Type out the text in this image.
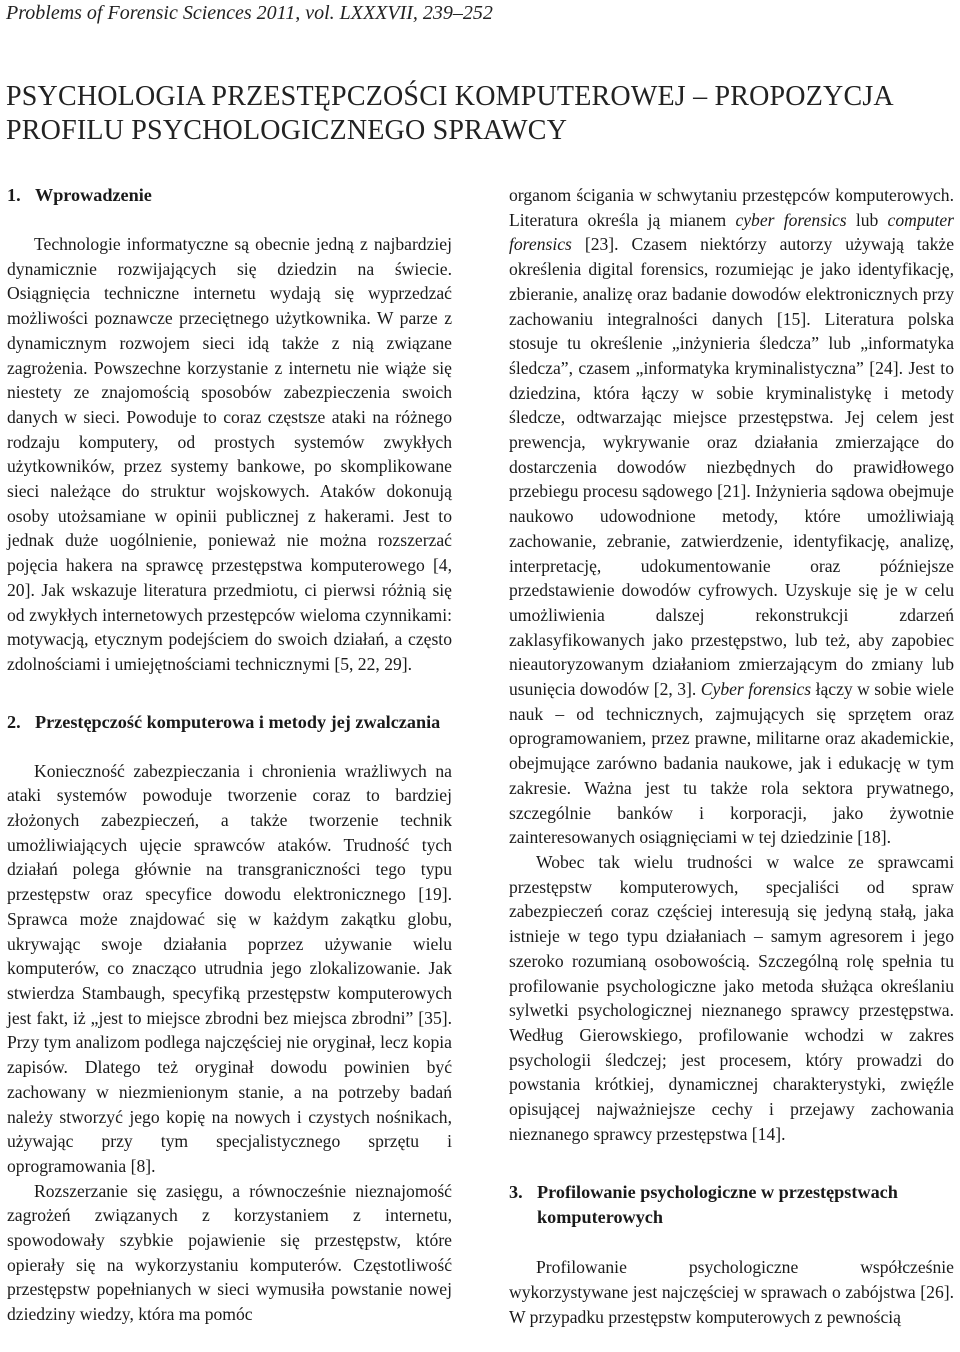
Problems of Forensic Sciences 2011, vol. LXXXVII, 239–252
PSYCHOLOGIA PRZESTĘPCZOŚCI KOMPUTEROWEJ – PROPOZYCJA
PROFILU PSYCHOLOGICZNEGO SPRAWCY
1. Wprowadzenie

Technologie informatyczne są obecnie jedną z najbardziej dynamicznie rozwijających się dziedzin na świecie. Osiągnięcia techniczne internetu wydają się wyprzedzać możliwości poznawcze przeciętnego użytkownika. W parze z dynamicznym rozwojem sieci idą także z nią związane zagrożenia. Powszechne korzystanie z internetu nie wiąże się niestety ze znajomością sposobów zabezpieczenia swoich danych w sieci. Powoduje to coraz częstsze ataki na różnego rodzaju komputery, od prostych systemów zwykłych użytkowników, przez systemy bankowe, po skomplikowane sieci należące do struktur wojskowych. Ataków dokonują osoby utożsamiane w opinii publicznej z hakerami. Jest to jednak duże uogólnienie, ponieważ nie można rozszerzać pojęcia hakera na sprawcę przestępstwa komputerowego [4, 20]. Jak wskazuje literatura przedmiotu, ci pierwsi różnią się od zwykłych internetowych przestępców wieloma czynnikami: motywacją, etycznym podejściem do swoich działań, a często zdolnościami i umiejętnościami technicznymi [5, 22, 29].

2. Przestępczość komputerowa i metody jej zwalczania

Konieczność zabezpieczania i chronienia wrażliwych na ataki systemów powoduje tworzenie coraz to bardziej złożonych zabezpieczeń, a także tworzenie technik umożliwiających ujęcie sprawców ataków. Trudność tych działań polega głównie na transgraniczności tego typu przestępstw oraz specyfice dowodu elektronicznego [19]. Sprawca może znajdować się w każdym zakątku globu, ukrywając swoje działania poprzez używanie wielu komputerów, co znacząco utrudnia jego zlokalizowanie. Jak stwierdza Stambaugh, specyfiką przestępstw komputerowych jest fakt, iż „jest to miejsce zbrodni bez miejsca zbrodni” [35]. Przy tym analizom podlega najczęściej nie oryginał, lecz kopia zapisów. Dlatego też oryginał dowodu powinien być zachowany w niezmienionym stanie, a na potrzeby badań należy stworzyć jego kopię na nowych i czystych nośnikach, używając przy tym specjalistycznego sprzętu i oprogramowania [8].

Rozszerzanie się zasięgu, a równocześnie nieznajomość zagrożeń związanych z korzystaniem z internetu, spowodowały szybkie pojawienie się przestępstw, które opierały się na wykorzystaniu komputerów. Częstotliwość przestępstw popełnianych w sieci wymusiła powstanie nowej dziedziny wiedzy, która ma pomóc

organom ścigania w schwytaniu przestępców komputerowych. Literatura określa ją mianem cyber forensics lub computer forensics [23]. Czasem niektórzy autorzy używają także określenia digital forensics, rozumiejąc je jako identyfikację, zbieranie, analizę oraz badanie dowodów elektronicznych przy zachowaniu integralności danych [15]. Literatura polska stosuje tu określenie „inżynieria śledcza” lub „informatyka śledcza”, czasem „informatyka kryminalistyczna” [24]. Jest to dziedzina, która łączy w sobie kryminalistykę i metody śledcze, odtwarzając miejsce przestępstwa. Jej celem jest prewencja, wykrywanie oraz działania zmierzające do dostarczenia dowodów niezbędnych do prawidłowego przebiegu procesu sądowego [21]. Inżynieria sądowa obejmuje naukowo udowodnione metody, które umożliwiają zachowanie, zebranie, zatwierdzenie, identyfikację, analizę, interpretację, udokumentowanie oraz późniejsze przedstawienie dowodów cyfrowych. Uzyskuje się je w celu umożliwienia dalszej rekonstrukcji zdarzeń zaklasyfikowanych jako przestępstwo, lub też, aby zapobiec nieautoryzowanym działaniom zmierzającym do zmiany lub usunięcia dowodów [2, 3]. Cyber forensics łączy w sobie wiele nauk – od technicznych, zajmujących się sprzętem oraz oprogramowaniem, przez prawne, militarne oraz akademickie, obejmujące zarówno badania naukowe, jak i edukację w tym zakresie. Ważna jest tu także rola sektora prywatnego, szczególnie banków i korporacji, jako żywotnie zainteresowanych osiągnięciami w tej dziedzinie [18].

Wobec tak wielu trudności w walce ze sprawcami przestępstw komputerowych, specjaliści od spraw zabezpieczeń coraz częściej interesują się jedyną stałą, jaka istnieje w tego typu działaniach – samym agresorem i jego szeroko rozumianą osobowością. Szczególną rolę spełnia tu profilowanie psychologiczne jako metoda służąca określaniu sylwetki psychologicznej nieznanego sprawcy przestępstwa. Według Gierowskiego, profilowanie wchodzi w zakres psychologii śledczej; jest procesem, który prowadzi do powstania krótkiej, dynamicznej charakterystyki, zwięźle opisującej najważniejsze cechy i przejawy zachowania nieznanego sprawcy przestępstwa [14].

3. Profilowanie psychologiczne w przestępstwach komputerowych

Profilowanie psychologiczne współcześnie wykorzystywane jest najczęściej w sprawach o zabójstwa [26]. W przypadku przestępstw komputerowych z pewnością
